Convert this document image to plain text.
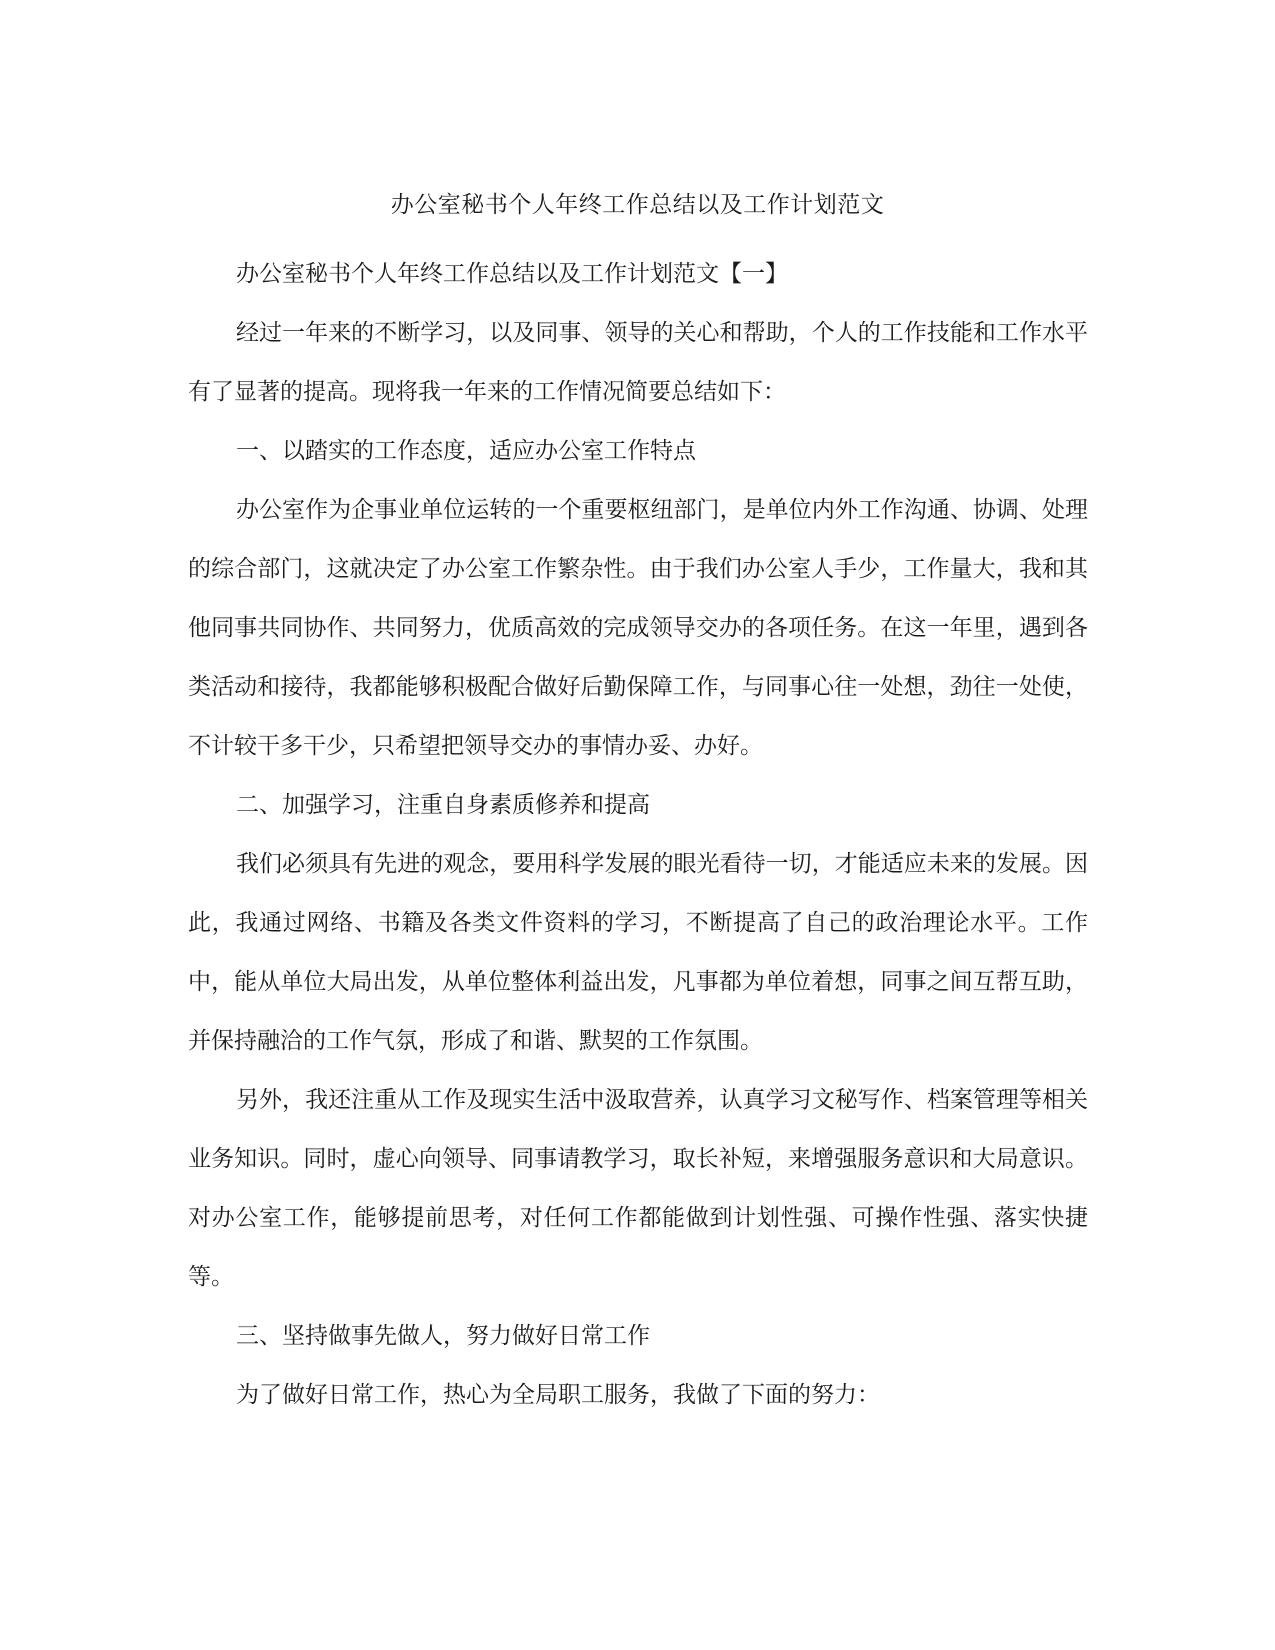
办公室秘书个人年终工作总结以及工作计划范文

办公室秘书个人年终工作总结以及工作计划范文【一】

经过一年来的不断学习，以及同事、领导的关心和帮助，个人的工作技能和工作水平有了显著的提高。现将我一年来的工作情况简要总结如下：

一、以踏实的工作态度，适应办公室工作特点

办公室作为企事业单位运转的一个重要枢纽部门，是单位内外工作沟通、协调、处理的综合部门，这就决定了办公室工作繁杂性。由于我们办公室人手少，工作量大，我和其他同事共同协作、共同努力，优质高效的完成领导交办的各项任务。在这一年里，遇到各类活动和接待，我都能够积极配合做好后勤保障工作，与同事心往一处想，劲往一处使，不计较干多干少，只希望把领导交办的事情办妥、办好。

二、加强学习，注重自身素质修养和提高

我们必须具有先进的观念，要用科学发展的眼光看待一切，才能适应未来的发展。因此，我通过网络、书籍及各类文件资料的学习，不断提高了自己的政治理论水平。工作中，能从单位大局出发，从单位整体利益出发，凡事都为单位着想，同事之间互帮互助，并保持融洽的工作气氛，形成了和谐、默契的工作氛围。

另外，我还注重从工作及现实生活中汲取营养，认真学习文秘写作、档案管理等相关业务知识。同时，虚心向领导、同事请教学习，取长补短，来增强服务意识和大局意识。对办公室工作，能够提前思考，对任何工作都能做到计划性强、可操作性强、落实快捷等。

三、坚持做事先做人，努力做好日常工作

为了做好日常工作，热心为全局职工服务，我做了下面的努力：
